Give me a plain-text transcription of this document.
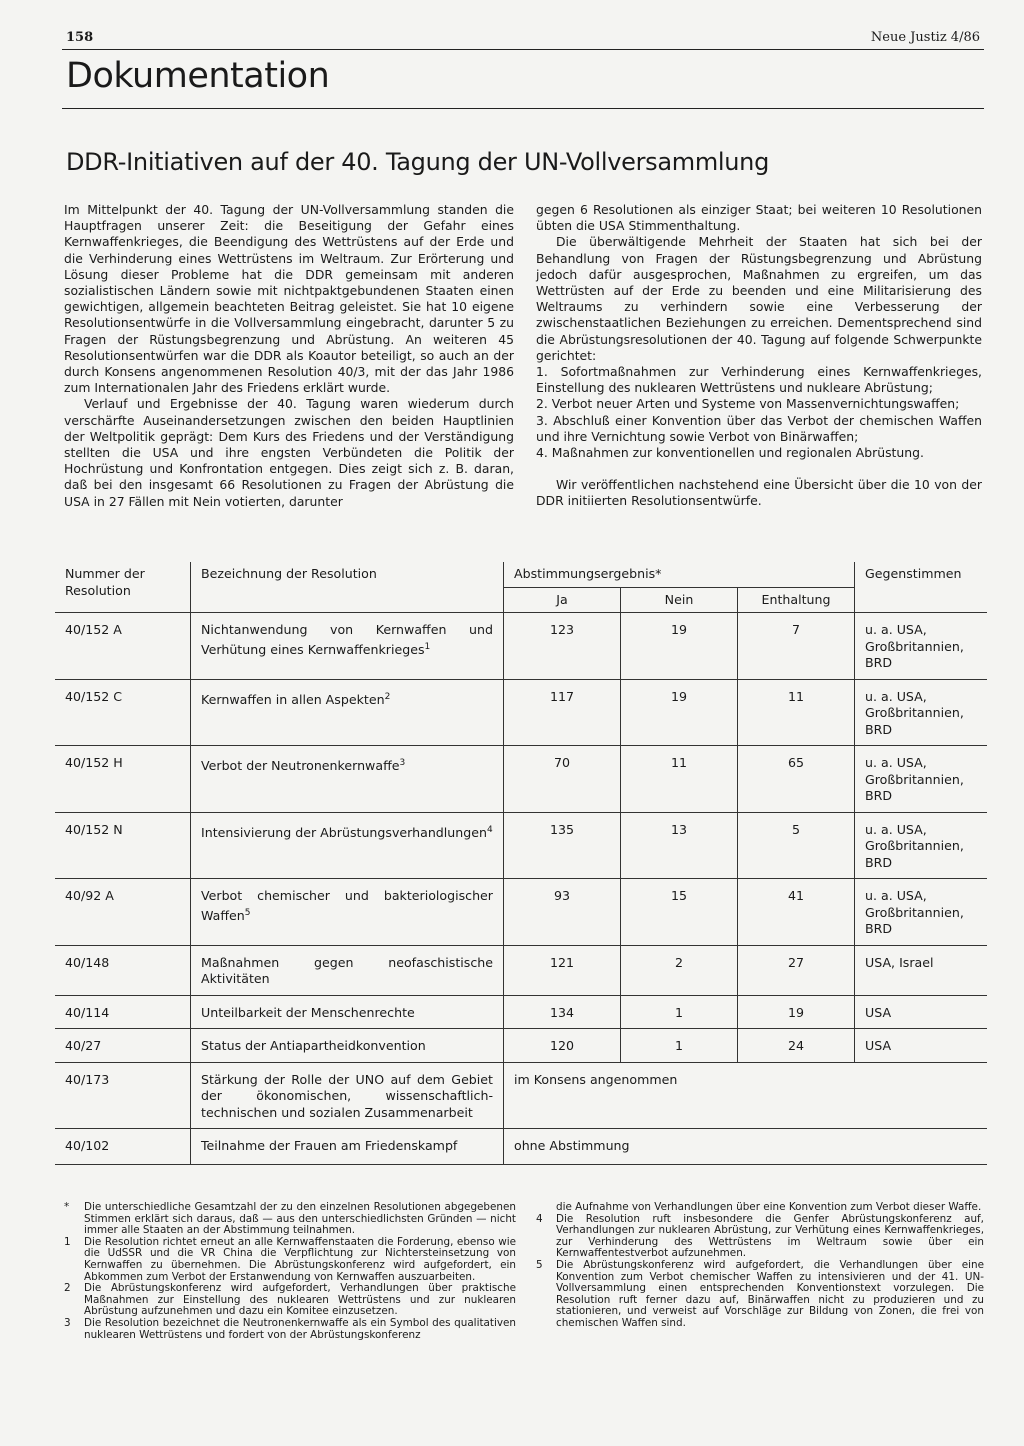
158	Neue Justiz 4/86
Dokumentation
DDR-Initiativen auf der 40. Tagung der UN-Vollversammlung

Im Mittelpunkt der 40. Tagung der UN-Vollversammlung standen die Hauptfragen unserer Zeit: die Beseitigung der Gefahr eines Kernwaffenkrieges, die Beendigung des Wettrüstens auf der Erde und die Verhinderung eines Wettrüstens im Weltraum. Zur Erörterung und Lösung dieser Probleme hat die DDR gemeinsam mit anderen sozialistischen Ländern sowie mit nichtpaktgebundenen Staaten einen gewichtigen, allgemein beachteten Beitrag geleistet. Sie hat 10 eigene Resolutionsentwürfe in die Vollversammlung eingebracht, darunter 5 zu Fragen der Rüstungsbegrenzung und Abrüstung. An weiteren 45 Resolutionsentwürfen war die DDR als Koautor beteiligt, so auch an der durch Konsens angenommenen Resolution 40/3, mit der das Jahr 1986 zum Internationalen Jahr des Friedens erklärt wurde.

Verlauf und Ergebnisse der 40. Tagung waren wiederum durch verschärfte Auseinandersetzungen zwischen den beiden Hauptlinien der Weltpolitik geprägt: Dem Kurs des Friedens und der Verständigung stellten die USA und ihre engsten Verbündeten die Politik der Hochrüstung und Konfrontation entgegen. Dies zeigt sich z. B. daran, daß bei den insgesamt 66 Resolutionen zu Fragen der Abrüstung die USA in 27 Fällen mit Nein votierten, darunter

gegen 6 Resolutionen als einziger Staat; bei weiteren 10 Resolutionen übten die USA Stimmenthaltung.

Die überwältigende Mehrheit der Staaten hat sich bei der Behandlung von Fragen der Rüstungsbegrenzung und Abrüstung jedoch dafür ausgesprochen, Maßnahmen zu ergreifen, um das Wettrüsten auf der Erde zu beenden und eine Militarisierung des Weltraums zu verhindern sowie eine Verbesserung der zwischenstaatlichen Beziehungen zu erreichen. Dementsprechend sind die Abrüstungsresolutionen der 40. Tagung auf folgende Schwerpunkte gerichtet:

1. Sofortmaßnahmen zur Verhinderung eines Kernwaffenkrieges, Einstellung des nuklearen Wettrüstens und nukleare Abrüstung;

2. Verbot neuer Arten und Systeme von Massenvernichtungswaffen;

3. Abschluß einer Konvention über das Verbot der chemischen Waffen und ihre Vernichtung sowie Verbot von Binärwaffen;

4. Maßnahmen zur konventionellen und regionalen Abrüstung.

Wir veröffentlichen nachstehend eine Übersicht über die 10 von der DDR initiierten Resolutionsentwürfe.

Nummer der Resolution	Bezeichnung der Resolution	Abstimmungsergebnis*			Gegenstimmen
		Ja	Nein	Enthaltung	
40/152 A	Nichtanwendung von Kernwaffen und Verhütung eines Kernwaffenkrieges$^1$	123	19	7	u. a. USA, Großbritannien, BRD
40/152 C	Kernwaffen in allen Aspekten$^2$	117	19	11	u. a. USA, Großbritannien, BRD
40/152 H	Verbot der Neutronenkernwaffe$^3$	70	11	65	u. a. USA, Großbritannien, BRD
40/152 N	Intensivierung der Abrüstungsverhandlungen$^4$	135	13	5	u. a. USA, Großbritannien, BRD
40/92 A	Verbot chemischer und bakteriologischer Waffen$^5$	93	15	41	u. a. USA, Großbritannien, BRD
40/148	Maßnahmen gegen neofaschistische Aktivitäten	121	2	27	USA, Israel
40/114	Unteilbarkeit der Menschenrechte	134	1	19	USA
40/27	Status der Antiapartheidkonvention	120	1	24	USA
40/173	Stärkung der Rolle der UNO auf dem Gebiet der ökonomischen, wissenschaftlich-technischen und sozialen Zusammenarbeit	im Konsens angenommen			
40/102	Teilnahme der Frauen am Friedenskampf	ohne Abstimmung			

*	Die unterschiedliche Gesamtzahl der zu den einzelnen Resolutionen abgegebenen Stimmen erklärt sich daraus, daß — aus den unterschiedlichsten Gründen — nicht immer alle Staaten an der Abstimmung teilnahmen.

1	Die Resolution richtet erneut an alle Kernwaffenstaaten die Forderung, ebenso wie die UdSSR und die VR China die Verpflichtung zur Nichtersteinsetzung von Kernwaffen zu übernehmen. Die Abrüstungskonferenz wird aufgefordert, ein Abkommen zum Verbot der Erstanwendung von Kernwaffen auszuarbeiten.

2	Die Abrüstungskonferenz wird aufgefordert, Verhandlungen über praktische Maßnahmen zur Einstellung des nuklearen Wettrüstens und zur nuklearen Abrüstung aufzunehmen und dazu ein Komitee einzusetzen.

3	Die Resolution bezeichnet die Neutronenkernwaffe als ein Symbol des qualitativen nuklearen Wettrüstens und fordert von der Abrüstungskonferenz

die Aufnahme von Verhandlungen über eine Konvention zum Verbot dieser Waffe.

4	Die Resolution ruft insbesondere die Genfer Abrüstungskonferenz auf, Verhandlungen zur nuklearen Abrüstung, zur Verhütung eines Kernwaffenkrieges, zur Verhinderung des Wettrüstens im Weltraum sowie über ein Kernwaffentestverbot aufzunehmen.

5	Die Abrüstungskonferenz wird aufgefordert, die Verhandlungen über eine Konvention zum Verbot chemischer Waffen zu intensivieren und der 41. UN-Vollversammlung einen entsprechenden Konventionstext vorzulegen. Die Resolution ruft ferner dazu auf, Binärwaffen nicht zu produzieren und zu stationieren, und verweist auf Vorschläge zur Bildung von Zonen, die frei von chemischen Waffen sind.
